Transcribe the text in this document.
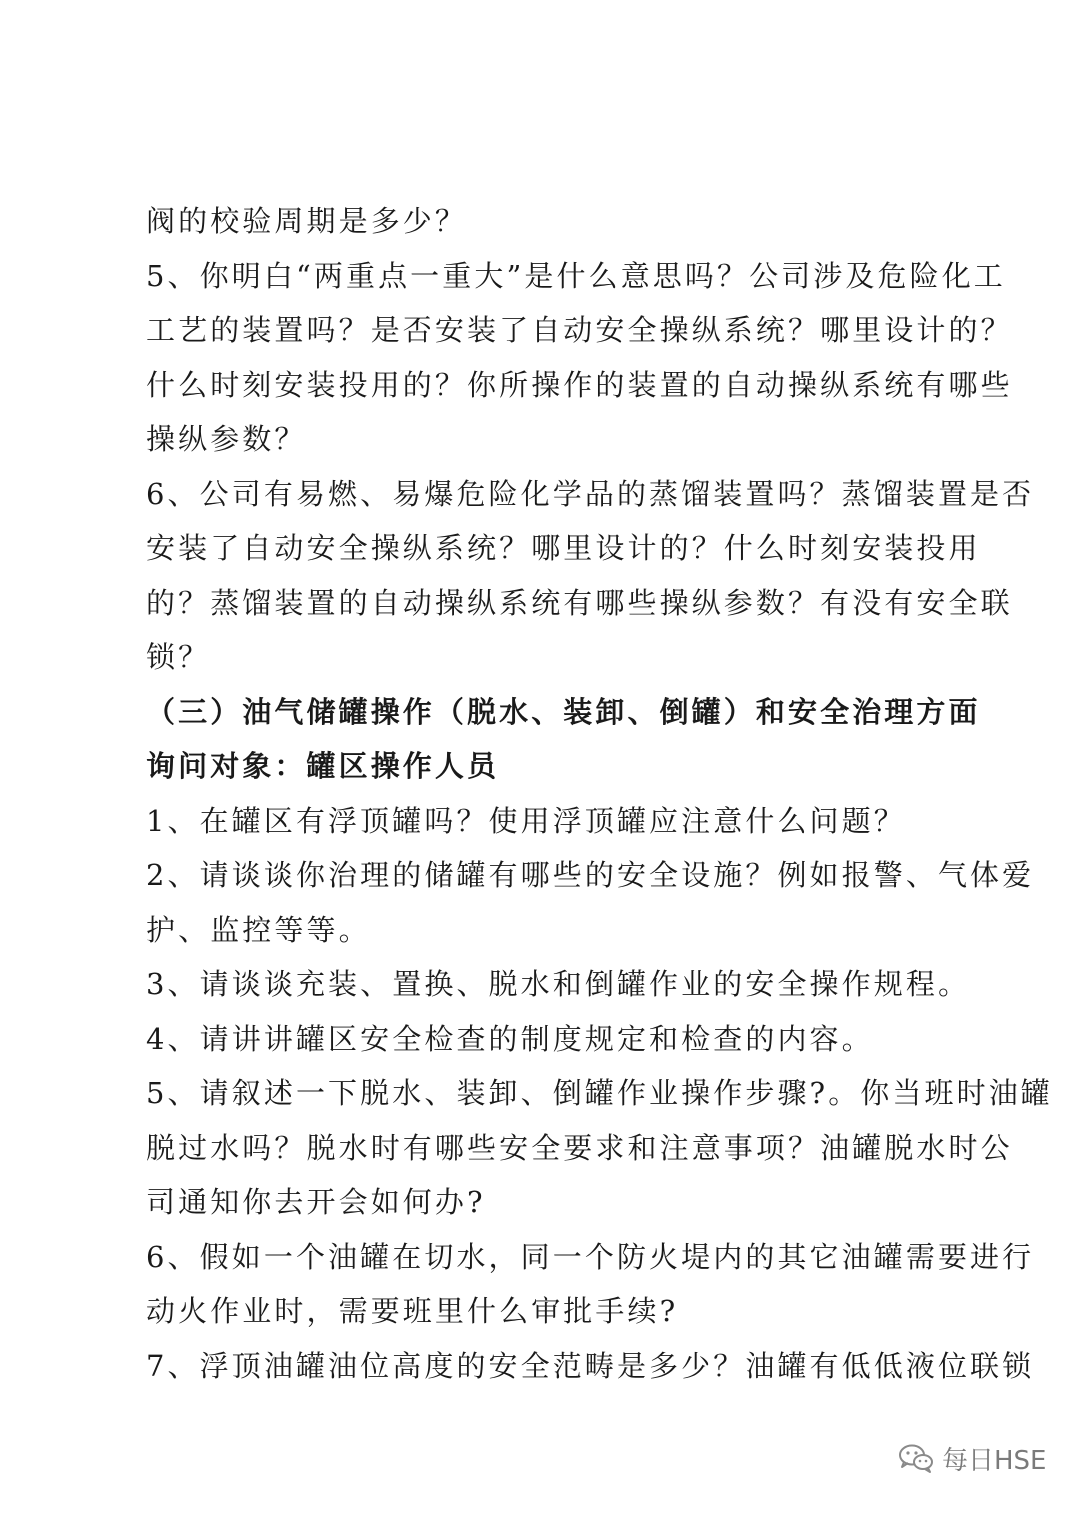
阀的校验周期是多少？
5、你明白“两重点一重大”是什么意思吗？公司涉及危险化工
工艺的装置吗？是否安装了自动安全操纵系统？哪里设计的？
什么时刻安装投用的？你所操作的装置的自动操纵系统有哪些
操纵参数？
6、公司有易燃、易爆危险化学品的蒸馏装置吗？蒸馏装置是否
安装了自动安全操纵系统？哪里设计的？什么时刻安装投用
的？蒸馏装置的自动操纵系统有哪些操纵参数？有没有安全联
锁？
（三）油气储罐操作（脱水、装卸、倒罐）和安全治理方面
询问对象：罐区操作人员
1、在罐区有浮顶罐吗？使用浮顶罐应注意什么问题？
2、请谈谈你治理的储罐有哪些的安全设施？例如报警、气体爱
护、监控等等。
3、请谈谈充装、置换、脱水和倒罐作业的安全操作规程。
4、请讲讲罐区安全检查的制度规定和检查的内容。
5、请叙述一下脱水、装卸、倒罐作业操作步骤?。你当班时油罐
脱过水吗？脱水时有哪些安全要求和注意事项？油罐脱水时公
司通知你去开会如何办?
6、假如一个油罐在切水，同一个防火堤内的其它油罐需要进行
动火作业时，需要班里什么审批手续?
7、浮顶油罐油位高度的安全范畴是多少？油罐有低低液位联锁
每日HSE
